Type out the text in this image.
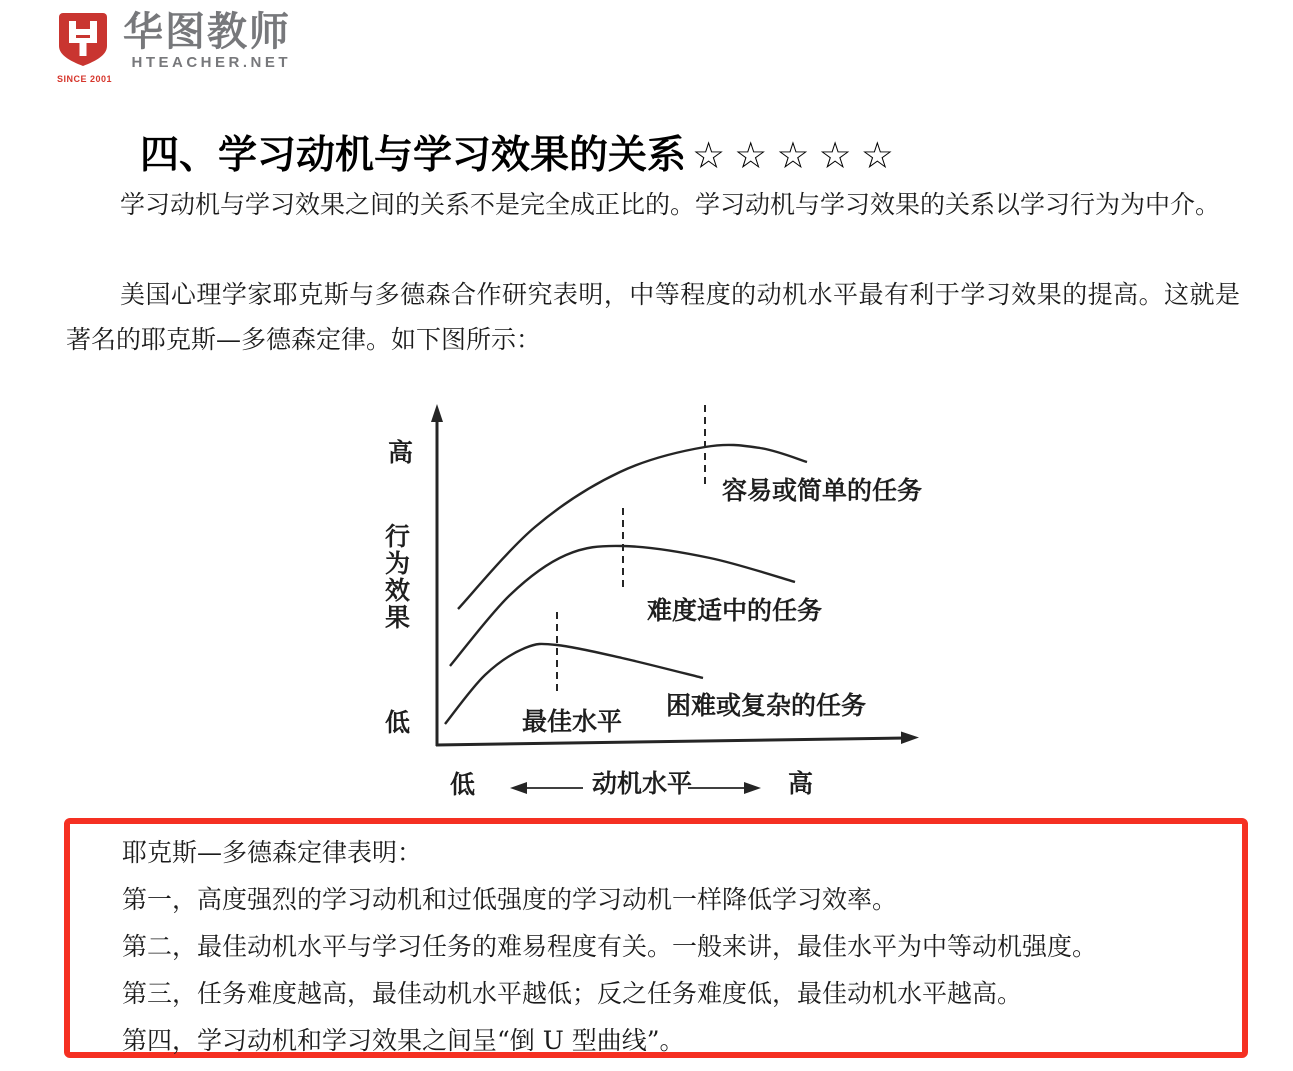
SINCE 2001
华图教师
HTEACHER.NET
四、学习动机与学习效果的关系 ☆☆☆☆☆

学习动机与学习效果之间的关系不是完全成正比的。学习动机与学习效果的关系以学习行为为中介。

美国心理学家耶克斯与多德森合作研究表明，中等程度的动机水平最有利于学习效果的提高。这就是著名的耶克斯—多德森定律。如下图所示：

高
行为效果
低
低	动机水平	高
容易或简单的任务
难度适中的任务
困难或复杂的任务
最佳水平

耶克斯—多德森定律表明：

第一，高度强烈的学习动机和过低强度的学习动机一样降低学习效率。

第二，最佳动机水平与学习任务的难易程度有关。一般来讲，最佳水平为中等动机强度。

第三，任务难度越高，最佳动机水平越低；反之任务难度低，最佳动机水平越高。

第四，学习动机和学习效果之间呈“倒 U 型曲线”。
